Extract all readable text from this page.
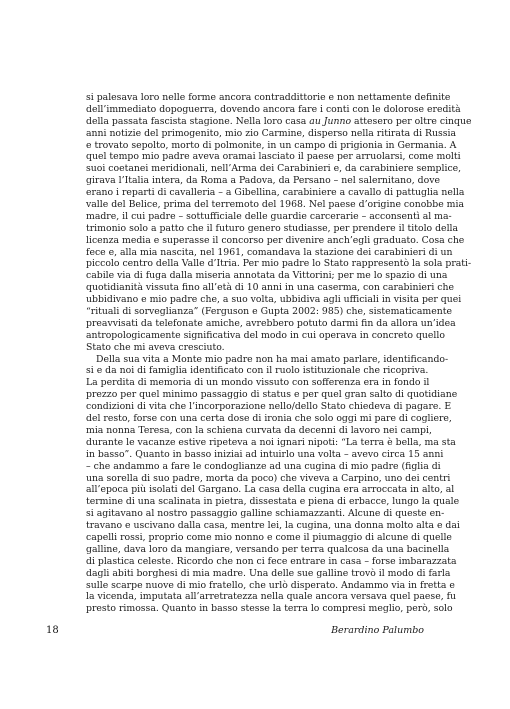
si palesava loro nelle forme ancora contraddittorie e non nettamente definite
dell’immediato dopoguerra, dovendo ancora fare i conti con le dolorose eredità
della passata fascista stagione. Nella loro casa au Junno attesero per oltre cinque
anni notizie del primogenito, mio zio Carmine, disperso nella ritirata di Russia
e trovato sepolto, morto di polmonite, in un campo di prigionia in Germania. A
quel tempo mio padre aveva oramai lasciato il paese per arruolarsi, come molti
suoi coetanei meridionali, nell’Arma dei Carabinieri e, da carabiniere semplice,
girava l’Italia intera, da Roma a Padova, da Persano – nel salernitano, dove
erano i reparti di cavalleria – a Gibellina, carabiniere a cavallo di pattuglia nella
valle del Belice, prima del terremoto del 1968. Nel paese d’origine conobbe mia
madre, il cui padre – sottufficiale delle guardie carcerarie – acconsentì al ma-
trimonio solo a patto che il futuro genero studiasse, per prendere il titolo della
licenza media e superasse il concorso per divenire anch’egli graduato. Cosa che
fece e, alla mia nascita, nel 1961, comandava la stazione dei carabinieri di un
piccolo centro della Valle d’Itria. Per mio padre lo Stato rappresentò la sola prati-
cabile via di fuga dalla miseria annotata da Vittorini; per me lo spazio di una
quotidianità vissuta fino all’età di 10 anni in una caserma, con carabinieri che
ubbidivano e mio padre che, a suo volta, ubbidiva agli ufficiali in visita per quei
“rituali di sorveglianza” (Ferguson e Gupta 2002: 985) che, sistematicamente
preavvisati da telefonate amiche, avrebbero potuto darmi fin da allora un’idea
antropologicamente significativa del modo in cui operava in concreto quello
Stato che mi aveva cresciuto.
Della sua vita a Monte mio padre non ha mai amato parlare, identificando-
si e da noi di famiglia identificato con il ruolo istituzionale che ricopriva.
La perdita di memoria di un mondo vissuto con sofferenza era in fondo il
prezzo per quel minimo passaggio di status e per quel gran salto di quotidiane
condizioni di vita che l’incorporazione nello/dello Stato chiedeva di pagare. E
del resto, forse con una certa dose di ironia che solo oggi mi pare di cogliere,
mia nonna Teresa, con la schiena curvata da decenni di lavoro nei campi,
durante le vacanze estive ripeteva a noi ignari nipoti: “La terra è bella, ma sta
in basso”. Quanto in basso iniziai ad intuirlo una volta – avevo circa 15 anni
– che andammo a fare le condoglianze ad una cugina di mio padre (figlia di
una sorella di suo padre, morta da poco) che viveva a Carpino, uno dei centri
all’epoca più isolati del Gargano. La casa della cugina era arroccata in alto, al
termine di una scalinata in pietra, dissestata e piena di erbacce, lungo la quale
si agitavano al nostro passaggio galline schiamazzanti. Alcune di queste en-
travano e uscivano dalla casa, mentre lei, la cugina, una donna molto alta e dai
capelli rossi, proprio come mio nonno e come il piumaggio di alcune di quelle
galline, dava loro da mangiare, versando per terra qualcosa da una bacinella
di plastica celeste. Ricordo che non ci fece entrare in casa – forse imbarazzata
dagli abiti borghesi di mia madre. Una delle sue galline trovò il modo di farla
sulle scarpe nuove di mio fratello, che urlò disperato. Andammo via in fretta e
la vicenda, imputata all’arretratezza nella quale ancora versava quel paese, fu
presto rimossa. Quanto in basso stesse la terra lo compresi meglio, però, solo
18	Berardino Palumbo
